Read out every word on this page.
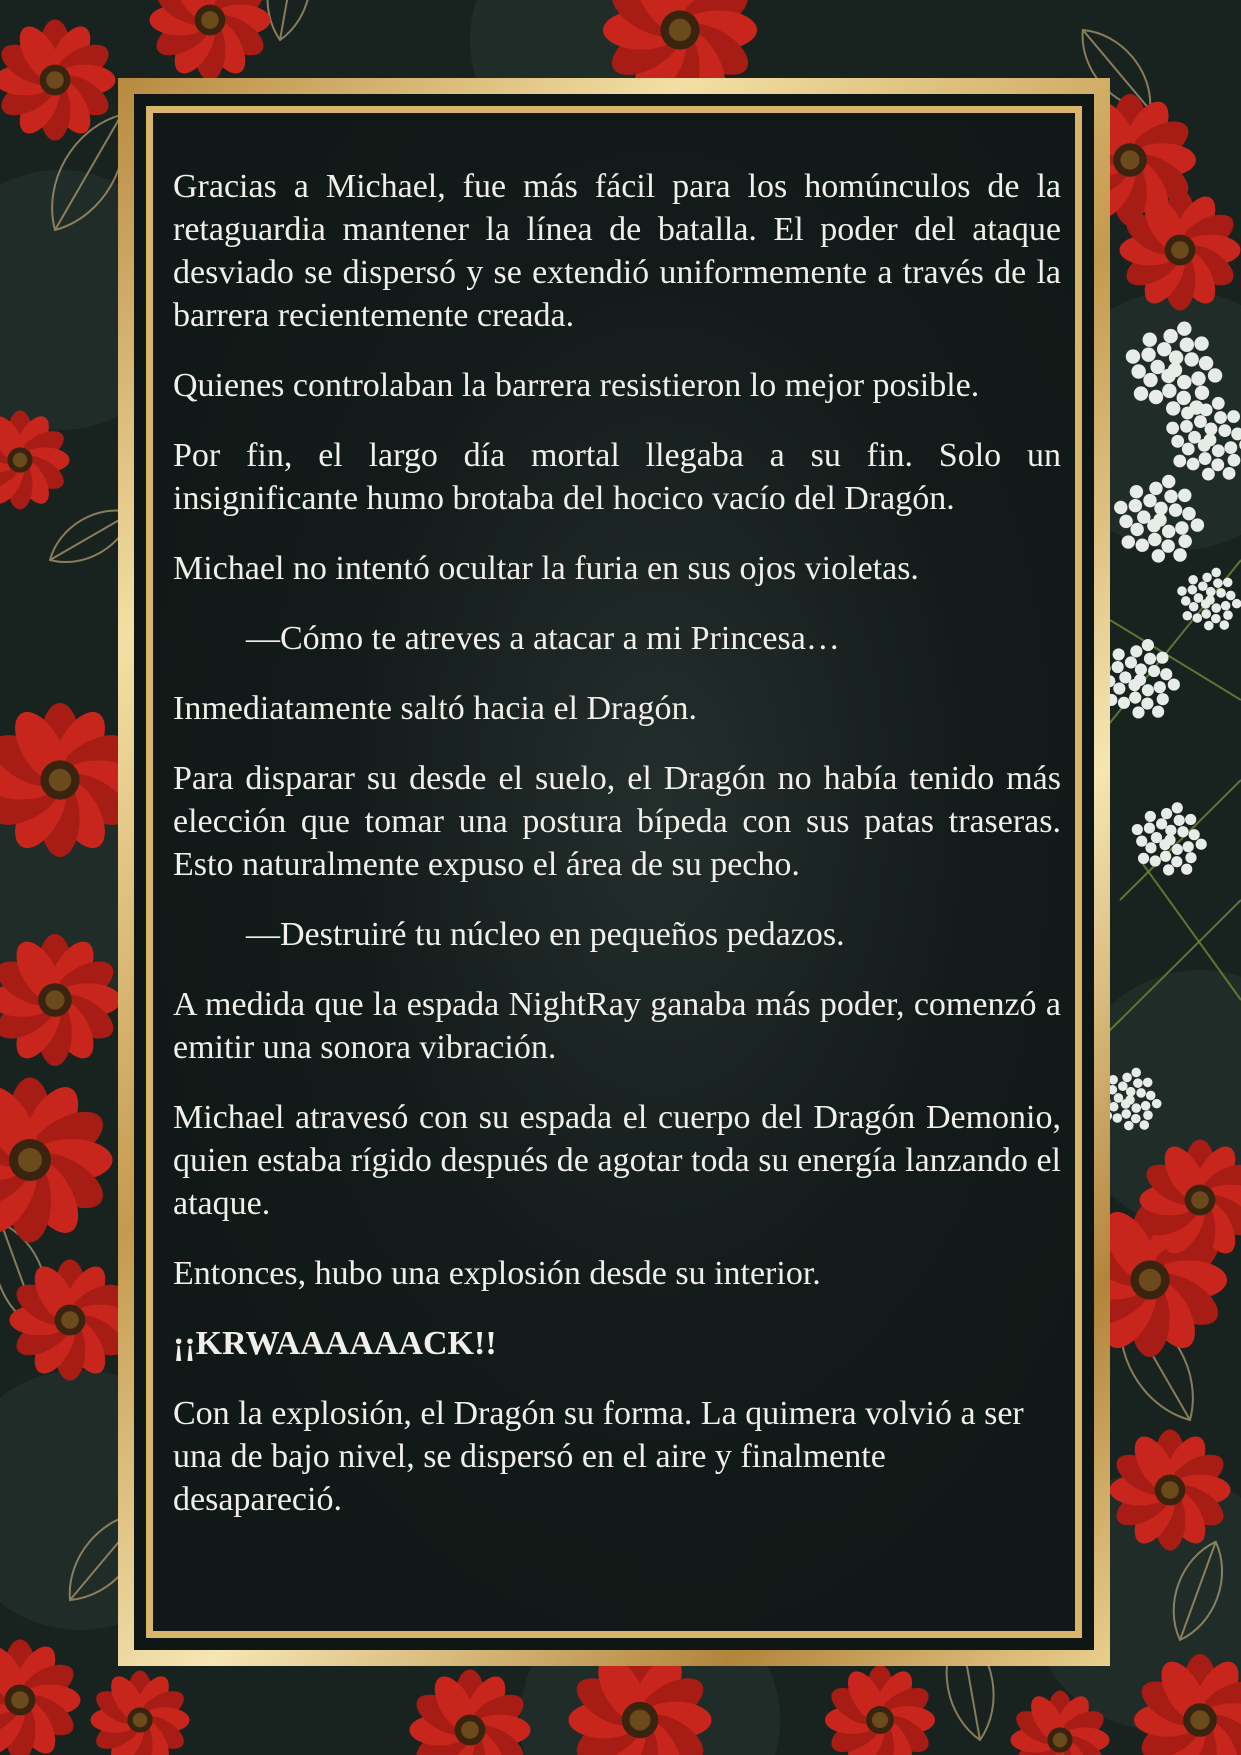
Gracias a Michael, fue más fácil para los homúnculos de la retaguardia mantener la línea de batalla. El poder del ataque desviado se dispersó y se extendió uniformemente a través de la barrera recientemente creada.

Quienes controlaban la barrera resistieron lo mejor posible.

Por fin, el largo día mortal llegaba a su fin. Solo un insignificante humo brotaba del hocico vacío del Dragón.

Michael no intentó ocultar la furia en sus ojos violetas.

—Cómo te atreves a atacar a mi Princesa…

Inmediatamente saltó hacia el Dragón.

Para disparar su desde el suelo, el Dragón no había tenido más elección que tomar una postura bípeda con sus patas traseras. Esto naturalmente expuso el área de su pecho.

—Destruiré tu núcleo en pequeños pedazos.

A medida que la espada NightRay ganaba más poder, comenzó a emitir una sonora vibración.

Michael atravesó con su espada el cuerpo del Dragón Demonio, quien estaba rígido después de agotar toda su energía lanzando el ataque.

Entonces, hubo una explosión desde su interior.

¡¡KRWAAAAAACK!!

Con la explosión, el Dragón su forma. La quimera volvió a ser una de bajo nivel, se dispersó en el aire y finalmente desapareció.
